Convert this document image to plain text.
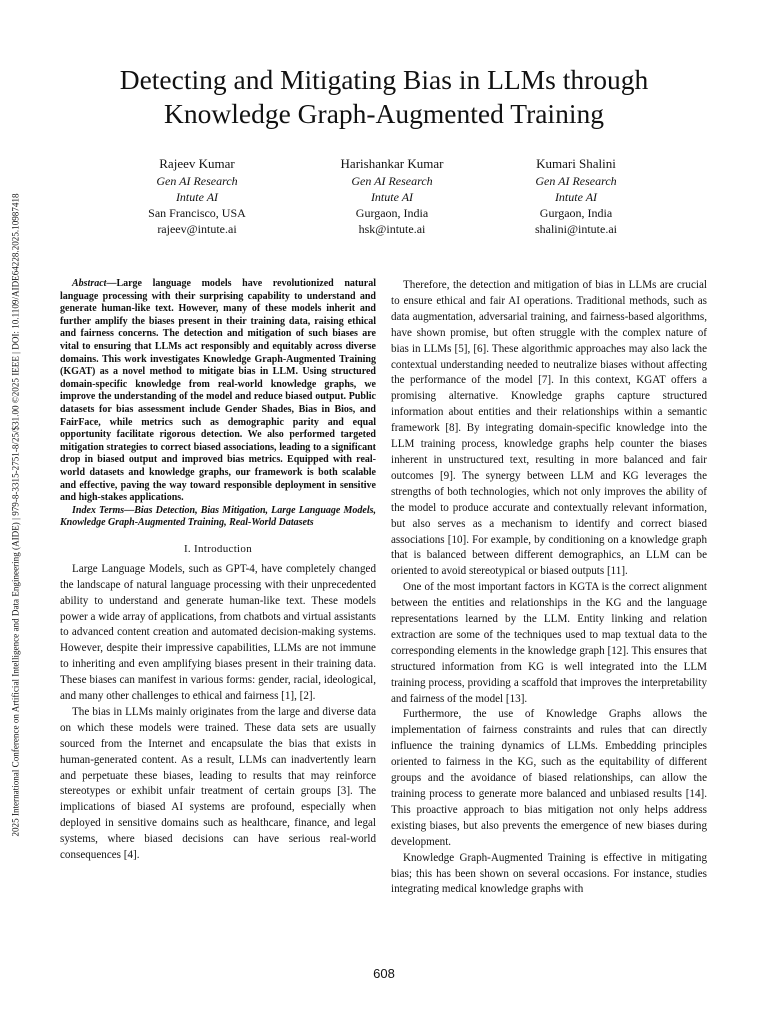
2025 International Conference on Artificial Intelligence and Data Engineering (AIDE) | 979-8-3315-2751-8/25/$31.00 ©2025 IEEE | DOI: 10.1109/AIDE64228.2025.10987418
Detecting and Mitigating Bias in LLMs through
Knowledge Graph-Augmented Training
Rajeev Kumar
Gen AI Research
Intute AI
San Francisco, USA
rajeev@intute.ai
Harishankar Kumar
Gen AI Research
Intute AI
Gurgaon, India
hsk@intute.ai
Kumari Shalini
Gen AI Research
Intute AI
Gurgaon, India
shalini@intute.ai

Abstract—Large language models have revolutionized natural language processing with their surprising capability to understand and generate human-like text. However, many of these models inherit and further amplify the biases present in their training data, raising ethical and fairness concerns. The detection and mitigation of such biases are vital to ensuring that LLMs act responsibly and equitably across diverse domains. This work investigates Knowledge Graph-Augmented Training (KGAT) as a novel method to mitigate bias in LLM. Using structured domain-specific knowledge from real-world knowledge graphs, we improve the understanding of the model and reduce biased output. Public datasets for bias assessment include Gender Shades, Bias in Bios, and FairFace, while metrics such as demographic parity and equal opportunity facilitate rigorous detection. We also performed targeted mitigation strategies to correct biased associations, leading to a significant drop in biased output and improved bias metrics. Equipped with real-world datasets and knowledge graphs, our framework is both scalable and effective, paving the way toward responsible deployment in sensitive and high-stakes applications.

Index Terms—Bias Detection, Bias Mitigation, Large Language Models, Knowledge Graph-Augmented Training, Real-World Datasets

I. Introduction

Large Language Models, such as GPT-4, have completely changed the landscape of natural language processing with their unprecedented ability to understand and generate human-like text. These models power a wide array of applications, from chatbots and virtual assistants to advanced content creation and automated decision-making systems. However, despite their impressive capabilities, LLMs are not immune to inheriting and even amplifying biases present in their training data. These biases can manifest in various forms: gender, racial, ideological, and many other challenges to ethical and fairness [1], [2].

The bias in LLMs mainly originates from the large and diverse data on which these models were trained. These data sets are usually sourced from the Internet and encapsulate the bias that exists in human-generated content. As a result, LLMs can inadvertently learn and perpetuate these biases, leading to results that may reinforce stereotypes or exhibit unfair treatment of certain groups [3]. The implications of biased AI systems are profound, especially when deployed in sensitive domains such as healthcare, finance, and legal systems, where biased decisions can have serious real-world consequences [4].

Therefore, the detection and mitigation of bias in LLMs are crucial to ensure ethical and fair AI operations. Traditional methods, such as data augmentation, adversarial training, and fairness-based algorithms, have shown promise, but often struggle with the complex nature of bias in LLMs [5], [6]. These algorithmic approaches may also lack the contextual understanding needed to neutralize biases without affecting the performance of the model [7]. In this context, KGAT offers a promising alternative. Knowledge graphs capture structured information about entities and their relationships within a semantic framework [8]. By integrating domain-specific knowledge into the LLM training process, knowledge graphs help counter the biases inherent in unstructured text, resulting in more balanced and fair outcomes [9]. The synergy between LLM and KG leverages the strengths of both technologies, which not only improves the ability of the model to produce accurate and contextually relevant information, but also serves as a mechanism to identify and correct biased associations [10]. For example, by conditioning on a knowledge graph that is balanced between different demographics, an LLM can be oriented to avoid stereotypical or biased outputs [11].

One of the most important factors in KGTA is the correct alignment between the entities and relationships in the KG and the language representations learned by the LLM. Entity linking and relation extraction are some of the techniques used to map textual data to the corresponding elements in the knowledge graph [12]. This ensures that structured information from KG is well integrated into the LLM training process, providing a scaffold that improves the interpretability and fairness of the model [13].

Furthermore, the use of Knowledge Graphs allows the implementation of fairness constraints and rules that can directly influence the training dynamics of LLMs. Embedding principles oriented to fairness in the KG, such as the equitability of different groups and the avoidance of biased relationships, can allow the training process to generate more balanced and unbiased results [14]. This proactive approach to bias mitigation not only helps address existing biases, but also prevents the emergence of new biases during development.

Knowledge Graph-Augmented Training is effective in mitigating bias; this has been shown on several occasions. For instance, studies integrating medical knowledge graphs with

608
